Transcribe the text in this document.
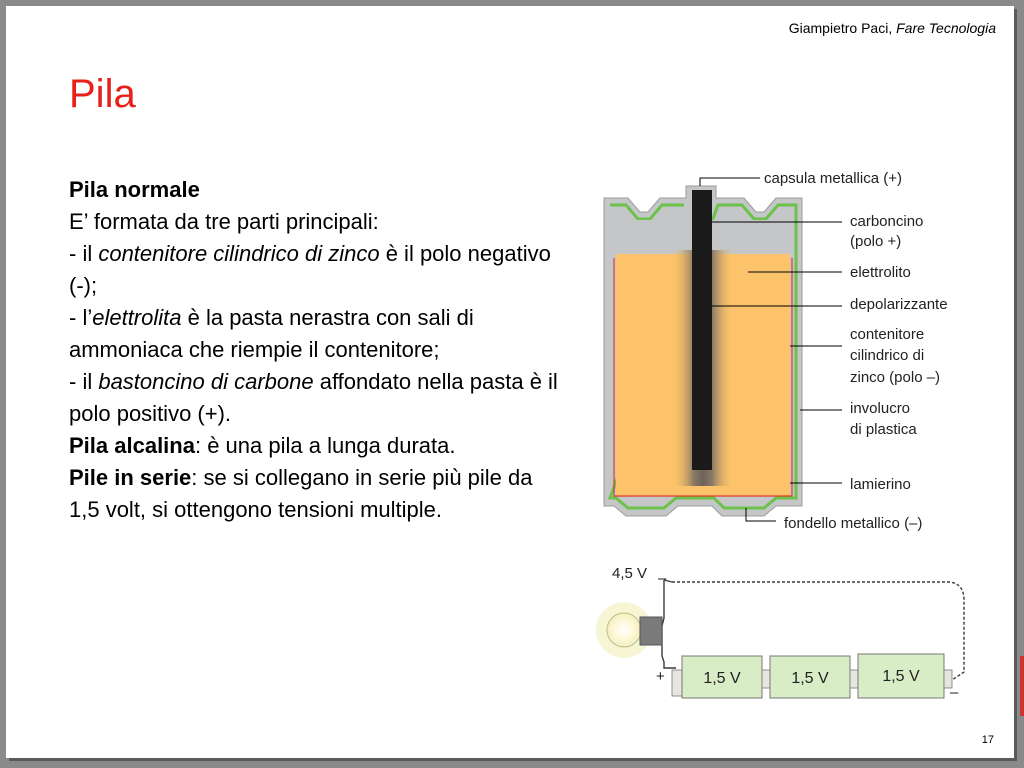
Giampietro Paci, Fare Tecnologia
Pila

Pila normale

E’ formata da tre parti principali:

- il contenitore cilindrico di zinco è il polo negativo (-);

- l’elettrolita è la pasta nerastra con sali di ammoniaca che riempie il contenitore;

- il bastoncino di carbone affondato nella pasta è il polo positivo (+).

Pila alcalina: è una pila a lunga durata.

Pile in serie: se si collegano in serie più pile da 1,5 volt, si ottengono tensioni multiple.

capsula metallica (+)
carboncino
(polo +)
elettrolito
depolarizzante
contenitore
cilindrico di
zinco (polo –)
involucro
di plastica
lamierino
fondello metallico (–)
1,5 V	1,5 V	1,5 V
4,5 V –
+
–
17
